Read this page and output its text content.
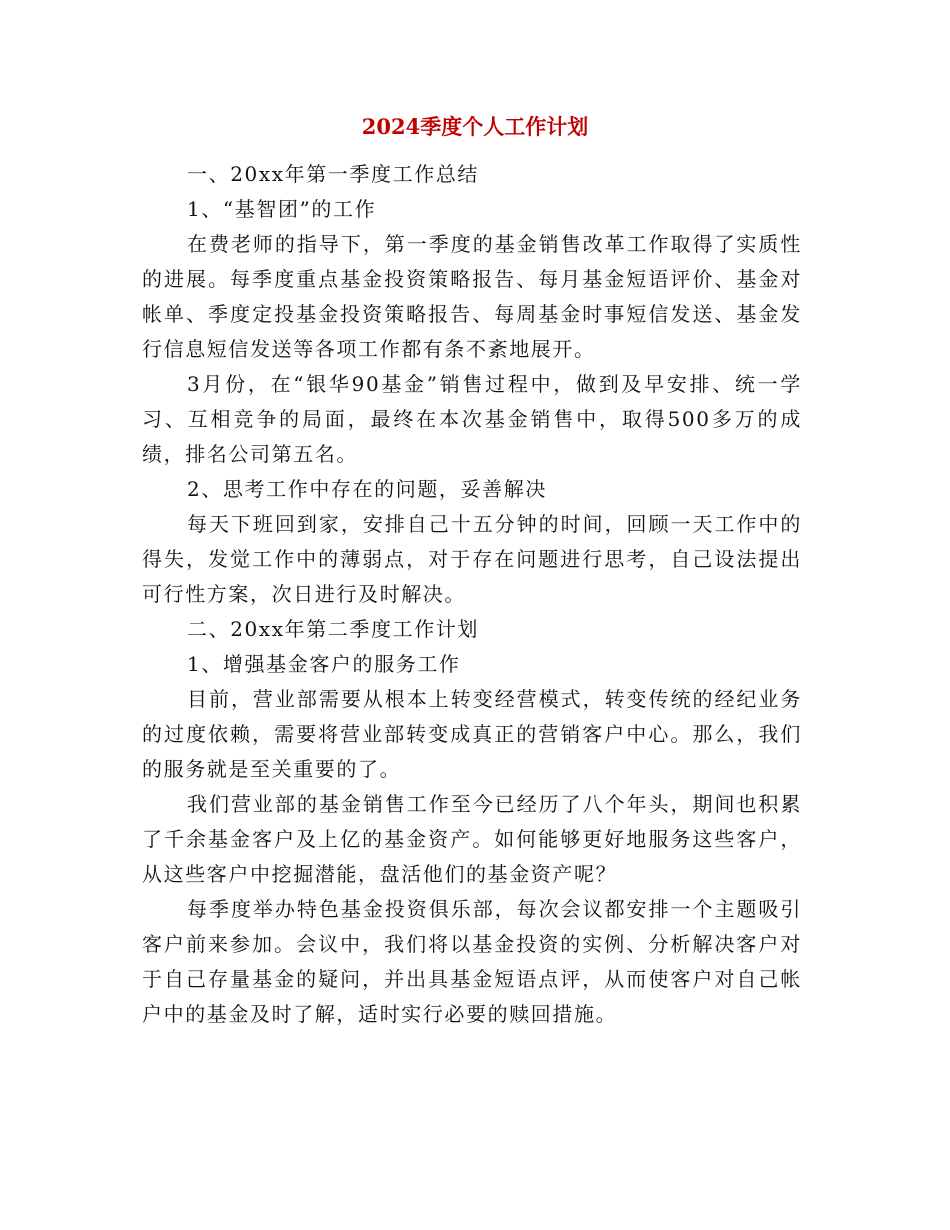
2024季度个人工作计划

一、20xx年第一季度工作总结

1、“基智团”的工作

在费老师的指导下，第一季度的基金销售改革工作取得了实质性的进展。每季度重点基金投资策略报告、每月基金短语评价、基金对帐单、季度定投基金投资策略报告、每周基金时事短信发送、基金发行信息短信发送等各项工作都有条不紊地展开。

3月份，在“银华90基金”销售过程中，做到及早安排、统一学习、互相竞争的局面，最终在本次基金销售中，取得500多万的成绩，排名公司第五名。

2、思考工作中存在的问题，妥善解决

每天下班回到家，安排自己十五分钟的时间，回顾一天工作中的得失，发觉工作中的薄弱点，对于存在问题进行思考，自己设法提出可行性方案，次日进行及时解决。

二、20xx年第二季度工作计划

1、增强基金客户的服务工作

目前，营业部需要从根本上转变经营模式，转变传统的经纪业务的过度依赖，需要将营业部转变成真正的营销客户中心。那么，我们的服务就是至关重要的了。

我们营业部的基金销售工作至今已经历了八个年头，期间也积累了千余基金客户及上亿的基金资产。如何能够更好地服务这些客户，从这些客户中挖掘潜能，盘活他们的基金资产呢？

每季度举办特色基金投资俱乐部，每次会议都安排一个主题吸引客户前来参加。会议中，我们将以基金投资的实例、分析解决客户对于自己存量基金的疑问，并出具基金短语点评，从而使客户对自己帐户中的基金及时了解，适时实行必要的赎回措施。
